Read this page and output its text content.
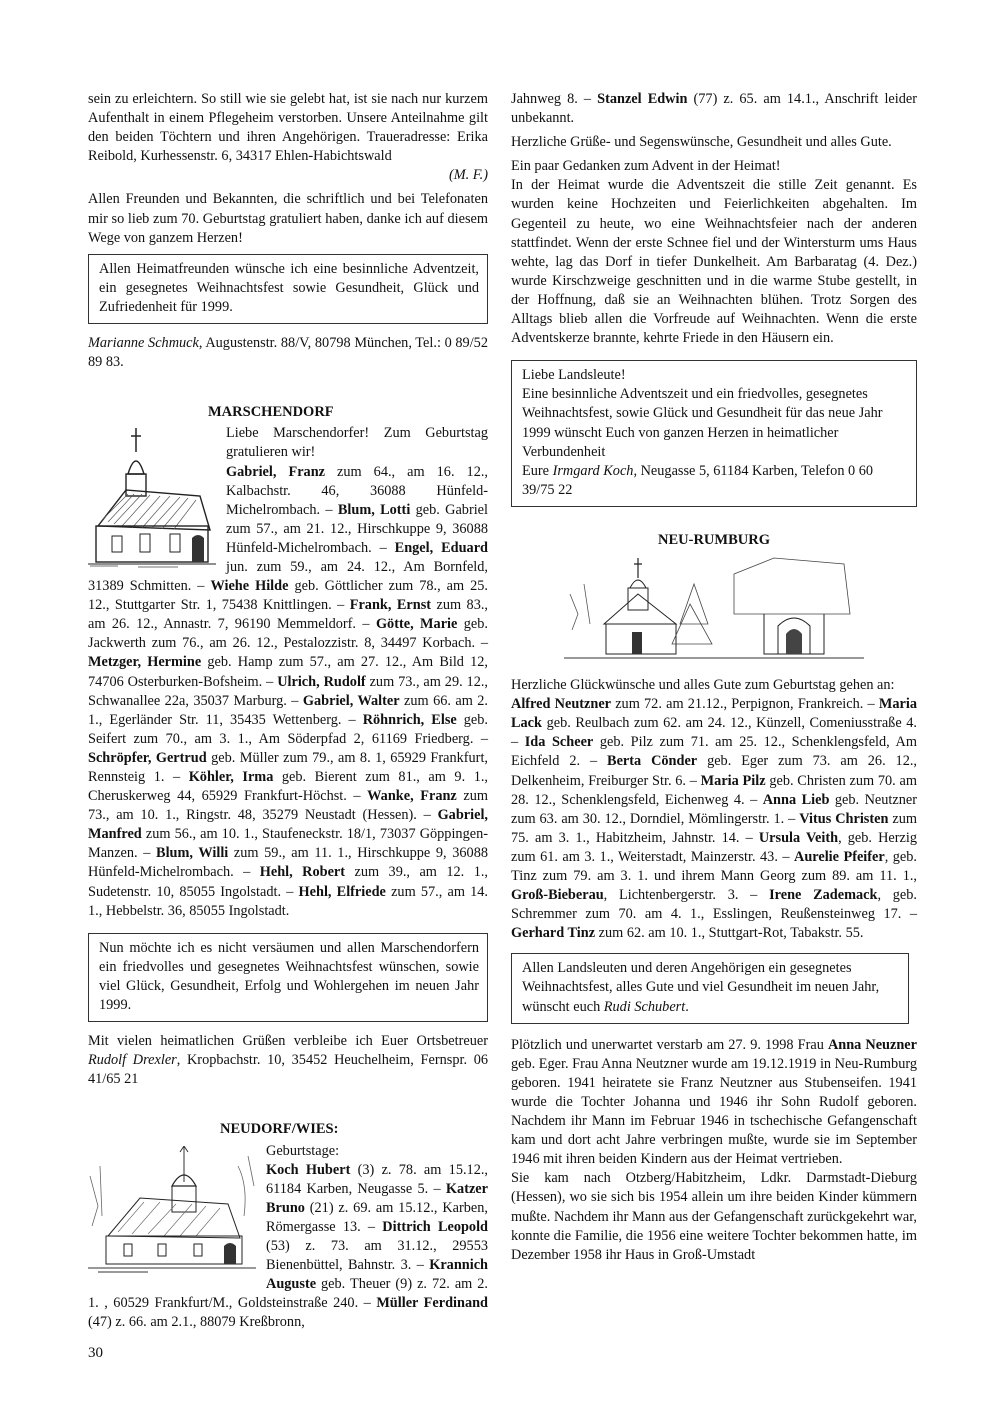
sein zu erleichtern. So still wie sie gelebt hat, ist sie nach nur kurzem Aufenthalt in einem Pflegeheim verstorben. Unsere Anteilnahme gilt den beiden Töchtern und ihren Angehörigen. Traueradresse: Erika Reibold, Kurhessenstr. 6, 34317 Ehlen-Habichtswald
(M. F.)

Allen Freunden und Bekannten, die schriftlich und bei Telefonaten mir so lieb zum 70. Geburtstag gratuliert haben, danke ich auf diesem Wege von ganzem Herzen!

Allen Heimatfreunden wünsche ich eine besinnliche Adventzeit, ein gesegnetes Weihnachtsfest sowie Gesundheit, Glück und Zufriedenheit für 1999.

Marianne Schmuck, Augustenstr. 88/V, 80798 München, Tel.: 0 89/52 89 83.

MARSCHENDORF

Liebe Marschendorfer! Zum Geburtstag gratulieren wir!

Gabriel, Franz zum 64., am 16. 12., Kalbachstr. 46, 36088 Hünfeld-Michelrombach. – Blum, Lotti geb. Gabriel zum 57., am 21. 12., Hirschkuppe 9, 36088 Hünfeld-Michelrombach. – Engel, Eduard jun. zum 59., am 24. 12., Am Bornfeld, 31389 Schmitten. – Wiehe Hilde geb. Göttlicher zum 78., am 25. 12., Stuttgarter Str. 1, 75438 Knittlingen. – Frank, Ernst zum 83., am 26. 12., Annastr. 7, 96190 Memmeldorf. – Götte, Marie geb. Jackwerth zum 76., am 26. 12., Pestalozzistr. 8, 34497 Korbach. – Metzger, Hermine geb. Hamp zum 57., am 27. 12., Am Bild 12, 74706 Osterburken-Bofsheim. – Ulrich, Rudolf zum 73., am 29. 12., Schwanallee 22a, 35037 Marburg. – Gabriel, Walter zum 66. am 2. 1., Egerländer Str. 11, 35435 Wettenberg. – Röhnrich, Else geb. Seifert zum 70., am 3. 1., Am Söderpfad 2, 61169 Friedberg. – Schröpfer, Gertrud geb. Müller zum 79., am 8. 1, 65929 Frankfurt, Rennsteig 1. – Köhler, Irma geb. Bierent zum 81., am 9. 1., Cheruskerweg 44, 65929 Frankfurt-Höchst. – Wanke, Franz zum 73., am 10. 1., Ringstr. 48, 35279 Neustadt (Hessen). – Gabriel, Manfred zum 56., am 10. 1., Staufeneckstr. 18/1, 73037 Göppingen-Manzen. – Blum, Willi zum 59., am 11. 1., Hirschkuppe 9, 36088 Hünfeld-Michelrombach. – Hehl, Robert zum 39., am 12. 1., Sudetenstr. 10, 85055 Ingolstadt. – Hehl, Elfriede zum 57., am 14. 1., Hebbelstr. 36, 85055 Ingolstadt.

Nun möchte ich es nicht versäumen und allen Marschendorfern ein friedvolles und gesegnetes Weihnachtsfest wünschen, sowie viel Glück, Gesundheit, Erfolg und Wohlergehen im neuen Jahr 1999.

Mit vielen heimatlichen Grüßen verbleibe ich Euer Ortsbetreuer Rudolf Drexler, Kropbachstr. 10, 35452 Heuchelheim, Fernspr. 06 41/65 21

NEUDORF/WIES:

Geburtstage:

Koch Hubert (3) z. 78. am 15.12., 61184 Karben, Neugasse 5. – Katzer Bruno (21) z. 69. am 15.12., Karben, Römergasse 13. – Dittrich Leopold (53) z. 73. am 31.12., 29553 Bienenbüttel, Bahnstr. 3. – Krannich Auguste geb. Theuer (9) z. 72. am 2. 1. , 60529 Frankfurt/M., Goldsteinstraße 240. – Müller Ferdinand (47) z. 66. am 2.1., 88079 Kreßbronn,

Jahnweg 8. – Stanzel Edwin (77) z. 65. am 14.1., Anschrift leider unbekannt.

Herzliche Grüße- und Segenswünsche, Gesundheit und alles Gute.

Ein paar Gedanken zum Advent in der Heimat!

In der Heimat wurde die Adventszeit die stille Zeit genannt. Es wurden keine Hochzeiten und Feierlichkeiten abgehalten. Im Gegenteil zu heute, wo eine Weihnachtsfeier nach der anderen stattfindet. Wenn der erste Schnee fiel und der Wintersturm ums Haus wehte, lag das Dorf in tiefer Dunkelheit. Am Barbaratag (4. Dez.) wurde Kirschzweige geschnitten und in die warme Stube gestellt, in der Hoffnung, daß sie an Weihnachten blühen. Trotz Sorgen des Alltags blieb allen die Vorfreude auf Weihnachten. Wenn die erste Adventskerze brannte, kehrte Friede in den Häusern ein.

Liebe Landsleute!
Eine besinnliche Adventszeit und ein friedvolles, gesegnetes Weihnachtsfest, sowie Glück und Gesundheit für das neue Jahr 1999 wünscht Euch von ganzen Herzen in heimatlicher Verbundenheit
Eure Irmgard Koch, Neugasse 5, 61184 Karben, Telefon 0 60 39/75 22
NEU-RUMBURG

Herzliche Glückwünsche und alles Gute zum Geburtstag gehen an:

Alfred Neutzner zum 72. am 21.12., Perpignon, Frankreich. – Maria Lack geb. Reulbach zum 62. am 24. 12., Künzell, Comeniusstraße 4. – Ida Scheer geb. Pilz zum 71. am 25. 12., Schenklengsfeld, Am Eichfeld 2. – Berta Cönder geb. Eger zum 73. am 26. 12., Delkenheim, Freiburger Str. 6. – Maria Pilz geb. Christen zum 70. am 28. 12., Schenklengsfeld, Eichenweg 4. – Anna Lieb geb. Neutzner zum 63. am 30. 12., Dorndiel, Mömlingerstr. 1. – Vitus Christen zum 75. am 3. 1., Habitzheim, Jahnstr. 14. – Ursula Veith, geb. Herzig zum 61. am 3. 1., Weiterstadt, Mainzerstr. 43. – Aurelie Pfeifer, geb. Tinz zum 79. am 3. 1. und ihrem Mann Georg zum 89. am 11. 1., Groß-Bieberau, Lichtenbergerstr. 3. – Irene Zademack, geb. Schremmer zum 70. am 4. 1., Esslingen, Reußensteinweg 17. – Gerhard Tinz zum 62. am 10. 1., Stuttgart-Rot, Tabakstr. 55.

Allen Landsleuten und deren Angehörigen ein gesegnetes Weihnachtsfest, alles Gute und viel Gesundheit im neuen Jahr, wünscht euch Rudi Schubert.

Plötzlich und unerwartet verstarb am 27. 9. 1998 Frau Anna Neuzner geb. Eger. Frau Anna Neutzner wurde am 19.12.1919 in Neu-Rumburg geboren. 1941 heiratete sie Franz Neutzner aus Stubenseifen. 1941 wurde die Tochter Johanna und 1946 ihr Sohn Rudolf geboren. Nachdem ihr Mann im Februar 1946 in tschechische Gefangenschaft kam und dort acht Jahre verbringen mußte, wurde sie im September 1946 mit ihren beiden Kindern aus der Heimat vertrieben.

Sie kam nach Otzberg/Habitzheim, Ldkr. Darmstadt-Dieburg (Hessen), wo sie sich bis 1954 allein um ihre beiden Kinder kümmern mußte. Nachdem ihr Mann aus der Gefangenschaft zurückgekehrt war, konnte die Familie, die 1956 eine weitere Tochter bekommen hatte, im Dezember 1958 ihr Haus in Groß-Umstadt

30
